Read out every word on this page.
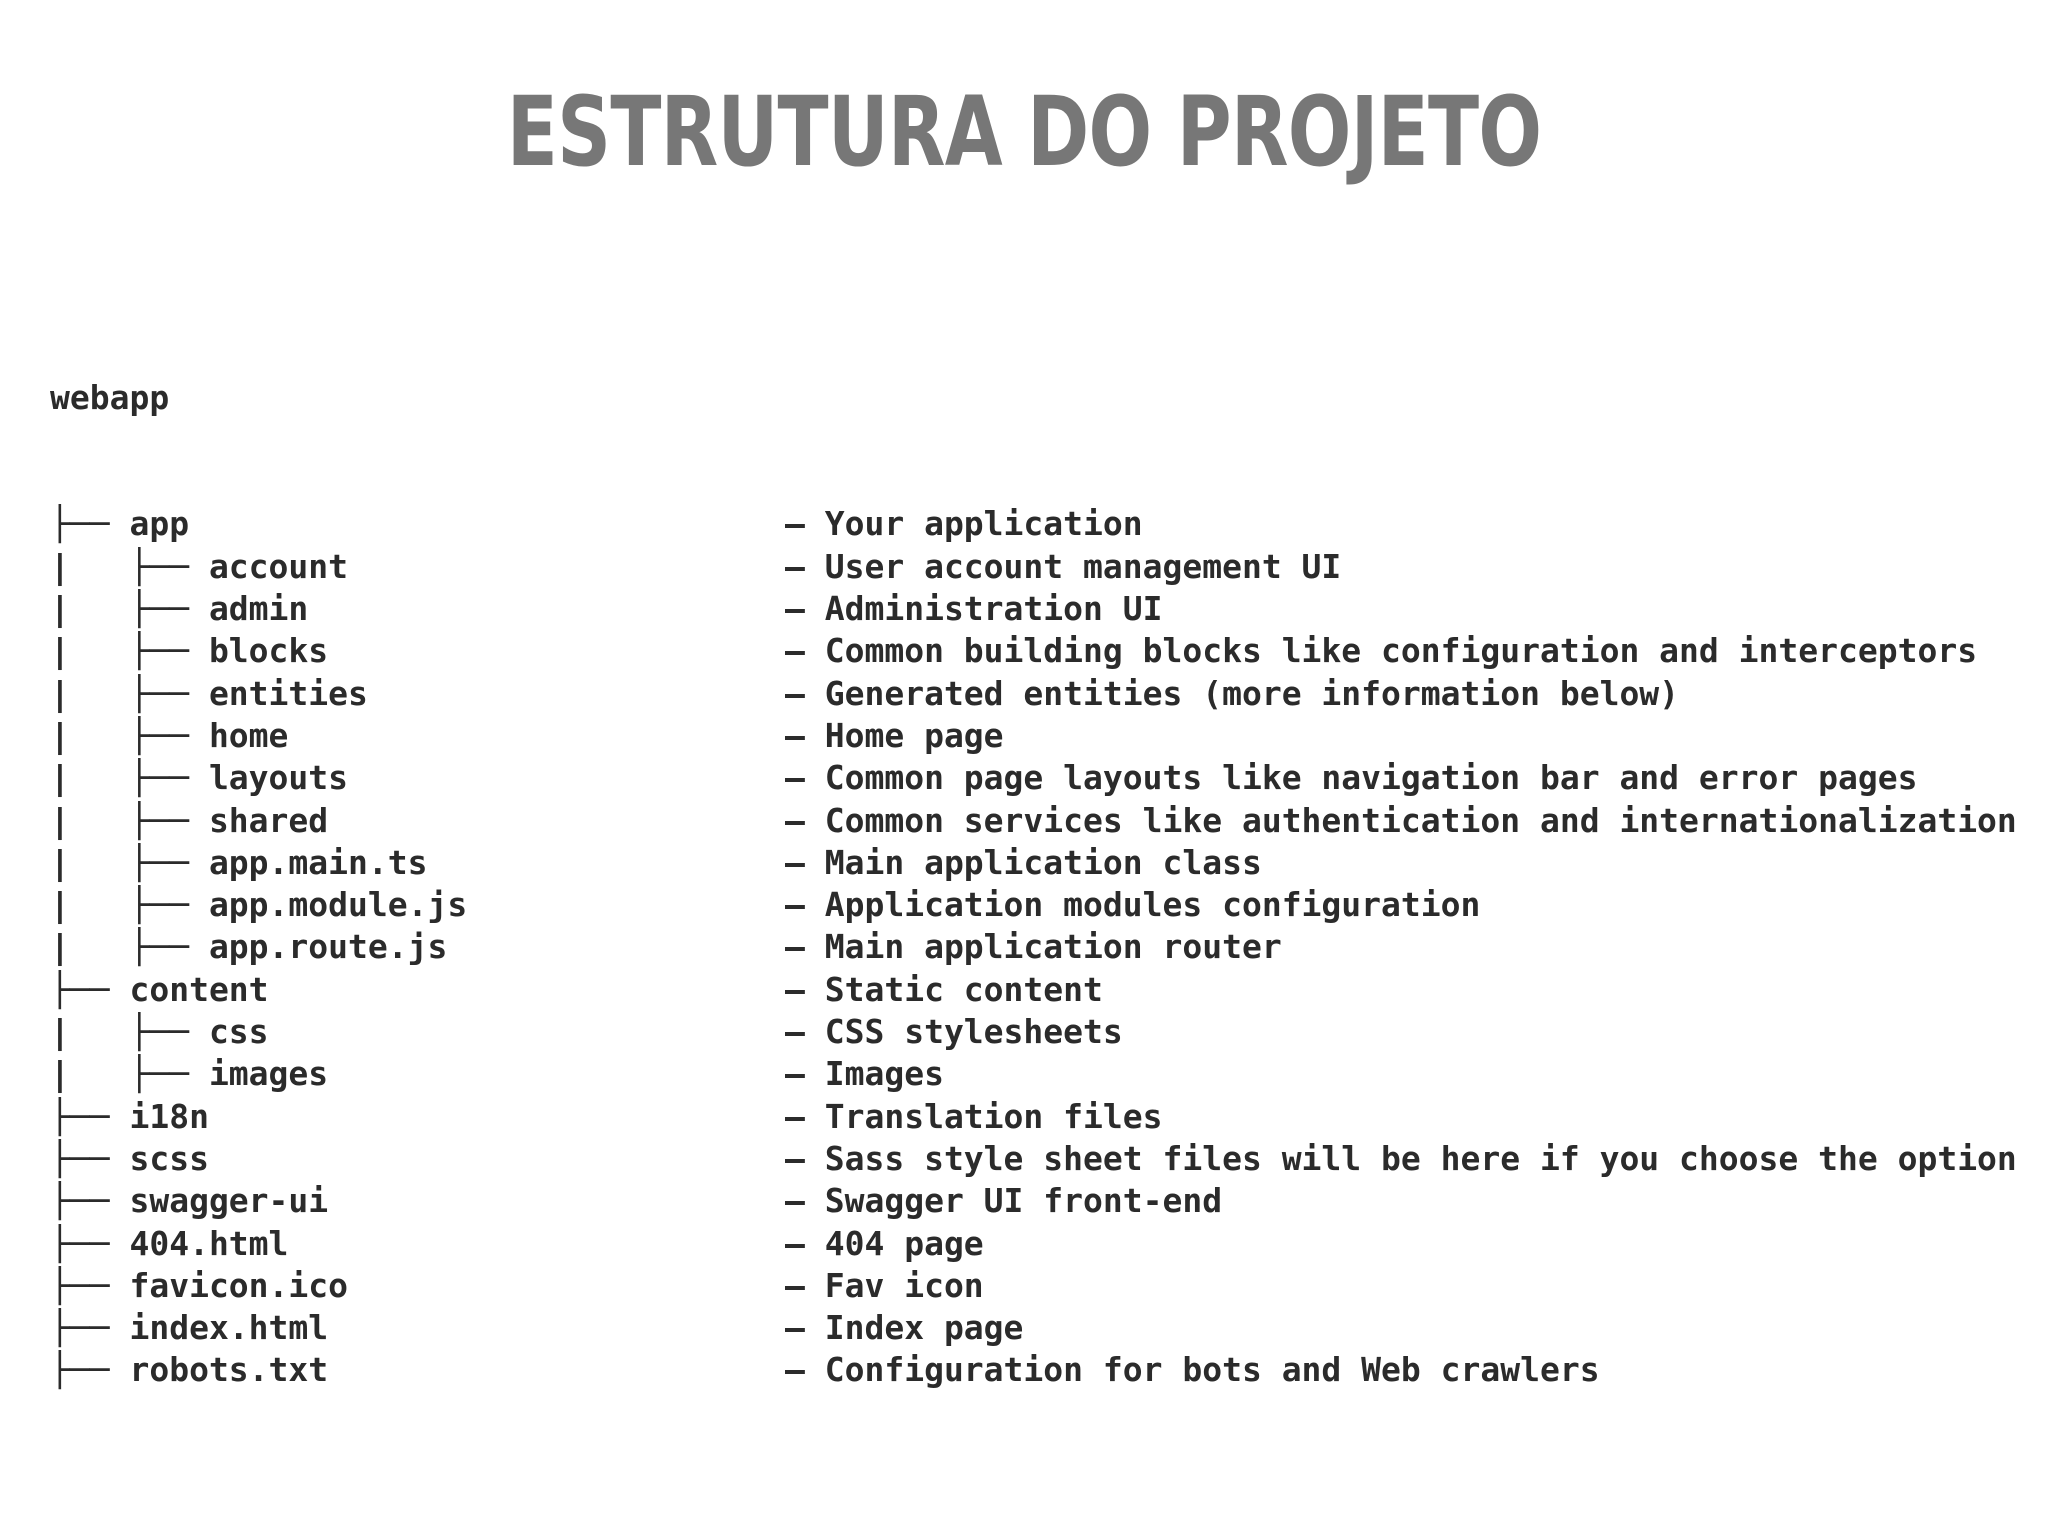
ESTRUTURA DO PROJETO

webapp

├── app	– Your application
|   ├── account	– User account management UI
|   ├── admin	– Administration UI
|   ├── blocks	– Common building blocks like configuration and interceptors
|   ├── entities	– Generated entities (more information below)
|   ├── home	– Home page
|   ├── layouts	– Common page layouts like navigation bar and error pages
|   ├── shared	– Common services like authentication and internationalization
|   ├── app.main.ts	– Main application class
|   ├── app.module.js	– Application modules configuration
|   ├── app.route.js	– Main application router
├── content	– Static content
|   ├── css	– CSS stylesheets
|   ├── images	– Images
├── i18n	– Translation files
├── scss	– Sass style sheet files will be here if you choose the option
├── swagger-ui	– Swagger UI front-end
├── 404.html	– 404 page
├── favicon.ico	– Fav icon
├── index.html	– Index page
├── robots.txt	– Configuration for bots and Web crawlers
